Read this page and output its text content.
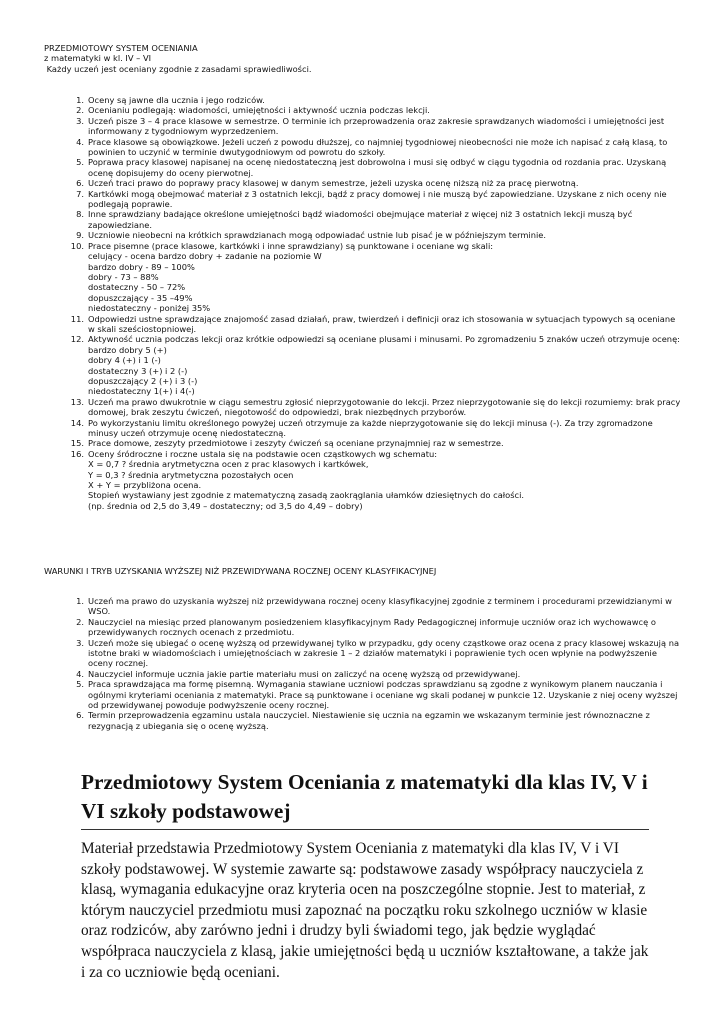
PRZEDMIOTOWY SYSTEM OCENIANIA
z matematyki w kl. IV – VI
Każdy uczeń jest oceniany zgodnie z zasadami sprawiedliwości.
1. Oceny są jawne dla ucznia i jego rodziców.
2. Ocenianiu podlegają: wiadomości, umiejętności i aktywność ucznia podczas lekcji.
3. Uczeń pisze 3 – 4 prace klasowe w semestrze. O terminie ich przeprowadzenia oraz zakresie sprawdzanych wiadomości i umiejętności jest informowany z tygodniowym wyprzedzeniem.
4. Prace klasowe są obowiązkowe. Jeżeli uczeń z powodu dłuższej, co najmniej tygodniowej nieobecności nie może ich napisać z całą klasą, to powinien to uczynić w terminie dwutygodniowym od powrotu do szkoły.
5. Poprawa pracy klasowej napisanej na ocenę niedostateczną jest dobrowolna i musi się odbyć w ciągu tygodnia od rozdania prac. Uzyskaną ocenę dopisujemy do oceny pierwotnej.
6. Uczeń traci prawo do poprawy pracy klasowej w danym semestrze, jeżeli uzyska ocenę niższą niż za pracę pierwotną.
7. Kartkówki mogą obejmować materiał z 3 ostatnich lekcji, bądź z pracy domowej i nie muszą być zapowiedziane. Uzyskane z nich oceny nie podlegają poprawie.
8. Inne sprawdziany badające określone umiejętności bądź wiadomości obejmujące materiał z więcej niż 3 ostatnich lekcji muszą być zapowiedziane.
9. Uczniowie nieobecni na krótkich sprawdzianach mogą odpowiadać ustnie lub pisać je w późniejszym terminie.
10. Prace pisemne (prace klasowe, kartkówki i inne sprawdziany) są punktowane i oceniane wg skali:
celujący - ocena bardzo dobry + zadanie na poziomie W
bardzo dobry - 89 – 100%
dobry - 73 – 88%
dostateczny - 50 – 72%
dopuszczający - 35 –49%
niedostateczny - poniżej 35%
11. Odpowiedzi ustne sprawdzające znajomość zasad działań, praw, twierdzeń i definicji oraz ich stosowania w sytuacjach typowych są oceniane w skali sześciostopniowej.
12. Aktywność ucznia podczas lekcji oraz krótkie odpowiedzi są oceniane plusami i minusami. Po zgromadzeniu 5 znaków uczeń otrzymuje ocenę:
bardzo dobry 5 (+)
dobry 4 (+) i 1 (-)
dostateczny 3 (+) i 2 (-)
dopuszczający 2 (+) i 3 (-)
niedostateczny 1(+) i 4(-)
13. Uczeń ma prawo dwukrotnie w ciągu semestru zgłosić nieprzygotowanie do lekcji. Przez nieprzygotowanie się do lekcji rozumiemy: brak pracy domowej, brak zeszytu ćwiczeń, niegotowość do odpowiedzi, brak niezbędnych przyborów.
14. Po wykorzystaniu limitu określonego powyżej uczeń otrzymuje za każde nieprzygotowanie się do lekcji minusa (-). Za trzy zgromadzone minusy uczeń otrzymuje ocenę niedostateczną.
15. Prace domowe, zeszyty przedmiotowe i zeszyty ćwiczeń są oceniane przynajmniej raz w semestrze.
16. Oceny śródroczne i roczne ustala się na podstawie ocen cząstkowych wg schematu:
X = 0,7 ? średnia arytmetyczna ocen z prac klasowych i kartkówek,
Y = 0,3 ? średnia arytmetyczna pozostałych ocen
X + Y = przybliżona ocena.
Stopień wystawiany jest zgodnie z matematyczną zasadą zaokrąglania ułamków dziesiętnych do całości.
(np. średnia od 2,5 do 3,49 – dostateczny; od 3,5 do 4,49 – dobry)
WARUNKI I TRYB UZYSKANIA WYŻSZEJ NIŻ PRZEWIDYWANA ROCZNEJ OCENY KLASYFIKACYJNEJ
1. Uczeń ma prawo do uzyskania wyższej niż przewidywana rocznej oceny klasyfikacyjnej zgodnie z terminem i procedurami przewidzianymi w WSO.
2. Nauczyciel na miesiąc przed planowanym posiedzeniem klasyfikacyjnym Rady Pedagogicznej informuje uczniów oraz ich wychowawcę o przewidywanych rocznych ocenach z przedmiotu.
3. Uczeń może się ubiegać o ocenę wyższą od przewidywanej tylko w przypadku, gdy oceny cząstkowe oraz ocena z pracy klasowej wskazują na istotne braki w wiadomościach i umiejętnościach w zakresie 1 – 2 działów matematyki i poprawienie tych ocen wpłynie na podwyższenie oceny rocznej.
4. Nauczyciel informuje ucznia jakie partie materiału musi on zaliczyć na ocenę wyższą od przewidywanej.
5. Praca sprawdzająca ma formę pisemną. Wymagania stawiane uczniowi podczas sprawdzianu są zgodne z wynikowym planem nauczania i ogólnymi kryteriami oceniania z matematyki. Prace są punktowane i oceniane wg skali podanej w punkcie 12. Uzyskanie z niej oceny wyższej od przewidywanej powoduje podwyższenie oceny rocznej.
6. Termin przeprowadzenia egzaminu ustala nauczyciel. Niestawienie się ucznia na egzamin we wskazanym terminie jest równoznaczne z rezygnacją z ubiegania się o ocenę wyższą.
Przedmiotowy System Oceniania z matematyki dla klas IV, V i VI szkoły podstawowej
Materiał przedstawia Przedmiotowy System Oceniania z matematyki dla klas IV, V i VI szkoły podstawowej. W systemie zawarte są: podstawowe zasady współpracy nauczyciela z klasą, wymagania edukacyjne oraz kryteria ocen na poszczególne stopnie. Jest to materiał, z którym nauczyciel przedmiotu musi zapoznać na początku roku szkolnego uczniów w klasie oraz rodziców, aby zarówno jedni i drudzy byli świadomi tego, jak będzie wyglądać współpraca nauczyciela z klasą, jakie umiejętności będą u uczniów kształtowane, a także jak i za co uczniowie będą oceniani.
